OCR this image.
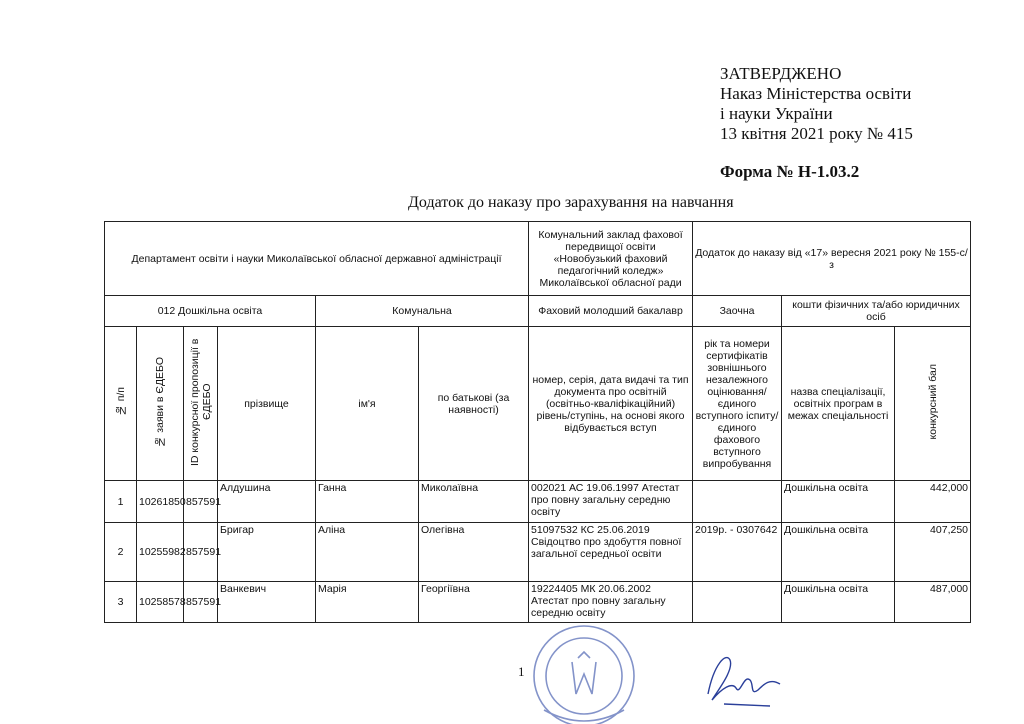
ЗАТВЕРДЖЕНО
Наказ Міністерства освіти
і науки України
13 квітня 2021 року № 415
Форма № Н-1.03.2
Додаток до наказу про зарахування на навчання
Департамент освіти і науки Миколаївської обласної державної адміністрації						Комунальний заклад фахової передвищої освіти «Новобузький фаховий педагогічний коледж» Миколаївської обласної ради	Додаток до наказу від «17» вересня 2021 року № 155-с/з		
012 Дошкільна освіта				Комунальна		Фаховий молодший бакалавр	Заочна	кошти фізичних та/або юридичних осіб	
№ п/п	№ заяви в ЄДЕБО	ID конкурсної пропозиції в ЄДЕБО	прізвище	ім'я	по батькові (за наявності)	номер, серія, дата видачі та тип документа про освітній (освітньо-кваліфікаційний) рівень/ступінь, на основі якого відбувається вступ	рік та номери сертифікатів зовнішнього незалежного оцінювання/ єдиного вступного іспиту/ єдиного фахового вступного випробування	назва спеціалізації, освітніх програм в межах спеціальності	конкурсний бал
1	10261850	857591	Алдушина	Ганна	Миколаївна	002021 АС 19.06.1997 Атестат про повну загальну середню освіту		Дошкільна освіта	442,000
2	10255982	857591	Бригар	Аліна	Олегівна	51097532 КС 25.06.2019 Свідоцтво про здобуття повної загальної середньої освіти	2019р. - 0307642	Дошкільна освіта	407,250
3	10258578	857591	Ванкевич	Марія	Георгіївна	19224405 МК 20.06.2002 Атестат про повну загальну середню освіту		Дошкільна освіта	487,000
1
